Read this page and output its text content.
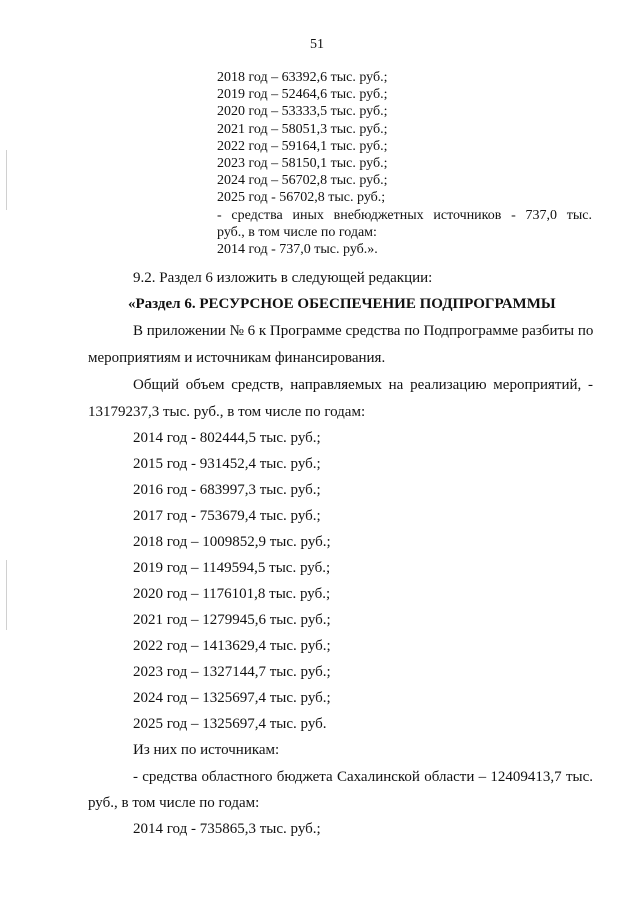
51
2018 год – 63392,6 тыс. руб.;
2019 год – 52464,6 тыс. руб.;
2020 год – 53333,5 тыс. руб.;
2021 год – 58051,3 тыс. руб.;
2022 год – 59164,1 тыс. руб.;
2023 год – 58150,1 тыс. руб.;
2024 год – 56702,8 тыс. руб.;
2025 год - 56702,8 тыс. руб.;
- средства иных внебюджетных источников - 737,0 тыс.
руб., в том числе по годам:
2014 год - 737,0 тыс. руб.».
9.2. Раздел 6 изложить в следующей редакции:
«Раздел 6. РЕСУРСНОЕ ОБЕСПЕЧЕНИЕ ПОДПРОГРАММЫ
В приложении № 6 к Программе средства по Подпрограмме разбиты по
мероприятиям и источникам финансирования.
Общий объем средств, направляемых на реализацию мероприятий, -
13179237,3 тыс. руб., в том числе по годам:
2014 год - 802444,5 тыс. руб.;
2015 год - 931452,4 тыс. руб.;
2016 год - 683997,3 тыс. руб.;
2017 год - 753679,4 тыс. руб.;
2018 год – 1009852,9 тыс. руб.;
2019 год – 1149594,5 тыс. руб.;
2020 год – 1176101,8 тыс. руб.;
2021 год – 1279945,6 тыс. руб.;
2022 год – 1413629,4 тыс. руб.;
2023 год – 1327144,7 тыс. руб.;
2024 год – 1325697,4 тыс. руб.;
2025 год – 1325697,4 тыс. руб.
Из них по источникам:
- средства областного бюджета Сахалинской области – 12409413,7 тыс.
руб., в том числе по годам:
2014 год - 735865,3 тыс. руб.;
